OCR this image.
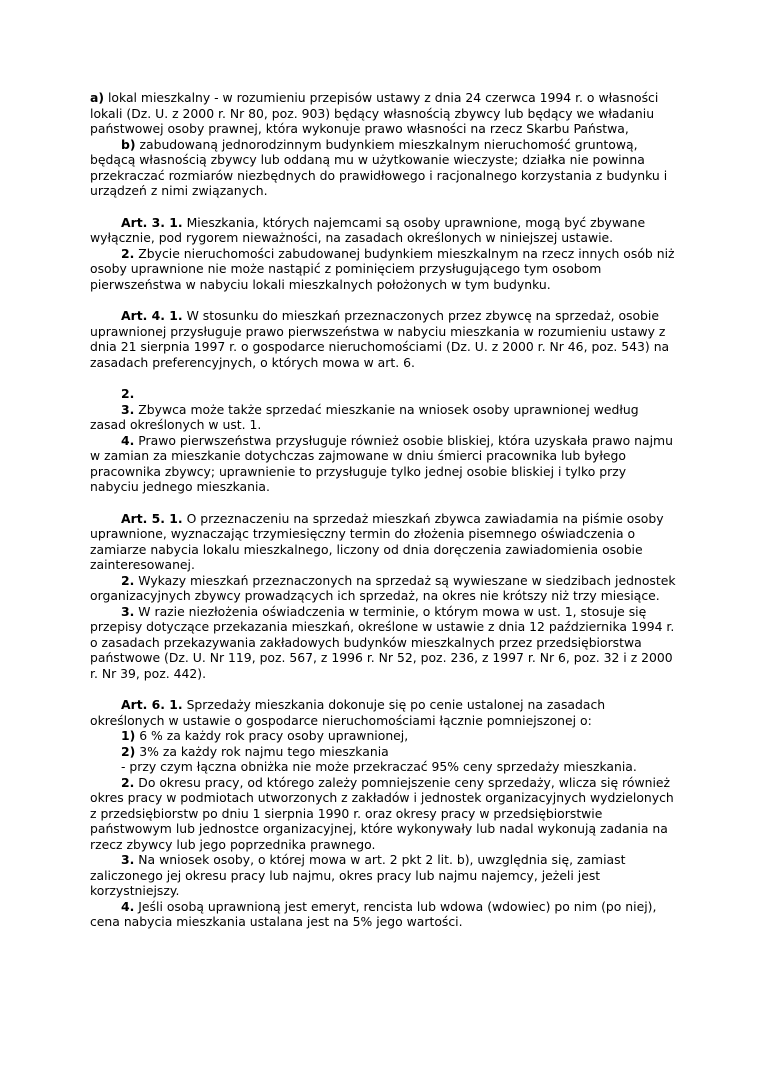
a) lokal mieszkalny - w rozumieniu przepisów ustawy z dnia 24 czerwca 1994 r. o własności lokali (Dz. U. z 2000 r. Nr 80, poz. 903) będący własnością zbywcy lub będący we władaniu państwowej osoby prawnej, która wykonuje prawo własności na rzecz Skarbu Państwa,

b) zabudowaną jednorodzinnym budynkiem mieszkalnym nieruchomość gruntową, będącą własnością zbywcy lub oddaną mu w użytkowanie wieczyste; działka nie powinna przekraczać rozmiarów niezbędnych do prawidłowego i racjonalnego korzystania z budynku i urządzeń z nimi związanych.

Art. 3. 1. Mieszkania, których najemcami są osoby uprawnione, mogą być zbywane wyłącznie, pod rygorem nieważności, na zasadach określonych w niniejszej ustawie.

2. Zbycie nieruchomości zabudowanej budynkiem mieszkalnym na rzecz innych osób niż osoby uprawnione nie może nastąpić z pominięciem przysługującego tym osobom pierwszeństwa w nabyciu lokali mieszkalnych położonych w tym budynku.

Art. 4. 1. W stosunku do mieszkań przeznaczonych przez zbywcę na sprzedaż, osobie uprawnionej przysługuje prawo pierwszeństwa w nabyciu mieszkania w rozumieniu ustawy z dnia 21 sierpnia 1997 r. o gospodarce nieruchomościami (Dz. U. z 2000 r. Nr 46, poz. 543) na zasadach preferencyjnych, o których mowa w art. 6.

2.

3. Zbywca może także sprzedać mieszkanie na wniosek osoby uprawnionej według zasad określonych w ust. 1.

4. Prawo pierwszeństwa przysługuje również osobie bliskiej, która uzyskała prawo najmu w zamian za mieszkanie dotychczas zajmowane w dniu śmierci pracownika lub byłego pracownika zbywcy; uprawnienie to przysługuje tylko jednej osobie bliskiej i tylko przy nabyciu jednego mieszkania.

Art. 5. 1. O przeznaczeniu na sprzedaż mieszkań zbywca zawiadamia na piśmie osoby uprawnione, wyznaczając trzymiesięczny termin do złożenia pisemnego oświadczenia o zamiarze nabycia lokalu mieszkalnego, liczony od dnia doręczenia zawiadomienia osobie zainteresowanej.

2. Wykazy mieszkań przeznaczonych na sprzedaż są wywieszane w siedzibach jednostek organizacyjnych zbywcy prowadzących ich sprzedaż, na okres nie krótszy niż trzy miesiące.

3. W razie niezłożenia oświadczenia w terminie, o którym mowa w ust. 1, stosuje się przepisy dotyczące przekazania mieszkań, określone w ustawie z dnia 12 października 1994 r. o zasadach przekazywania zakładowych budynków mieszkalnych przez przedsiębiorstwa państwowe (Dz. U. Nr 119, poz. 567, z 1996 r. Nr 52, poz. 236, z 1997 r. Nr 6, poz. 32 i z 2000 r. Nr 39, poz. 442).

Art. 6. 1. Sprzedaży mieszkania dokonuje się po cenie ustalonej na zasadach określonych w ustawie o gospodarce nieruchomościami łącznie pomniejszonej o:

1) 6 % za każdy rok pracy osoby uprawnionej,

2) 3% za każdy rok najmu tego mieszkania

- przy czym łączna obniżka nie może przekraczać 95% ceny sprzedaży mieszkania.

2. Do okresu pracy, od którego zależy pomniejszenie ceny sprzedaży, wlicza się również okres pracy w podmiotach utworzonych z zakładów i jednostek organizacyjnych wydzielonych z przedsiębiorstw po dniu 1 sierpnia 1990 r. oraz okresy pracy w przedsiębiorstwie państwowym lub jednostce organizacyjnej, które wykonywały lub nadal wykonują zadania na rzecz zbywcy lub jego poprzednika prawnego.

3. Na wniosek osoby, o której mowa w art. 2 pkt 2 lit. b), uwzględnia się, zamiast zaliczonego jej okresu pracy lub najmu, okres pracy lub najmu najemcy, jeżeli jest korzystniejszy.

4. Jeśli osobą uprawnioną jest emeryt, rencista lub wdowa (wdowiec) po nim (po niej), cena nabycia mieszkania ustalana jest na 5% jego wartości.
